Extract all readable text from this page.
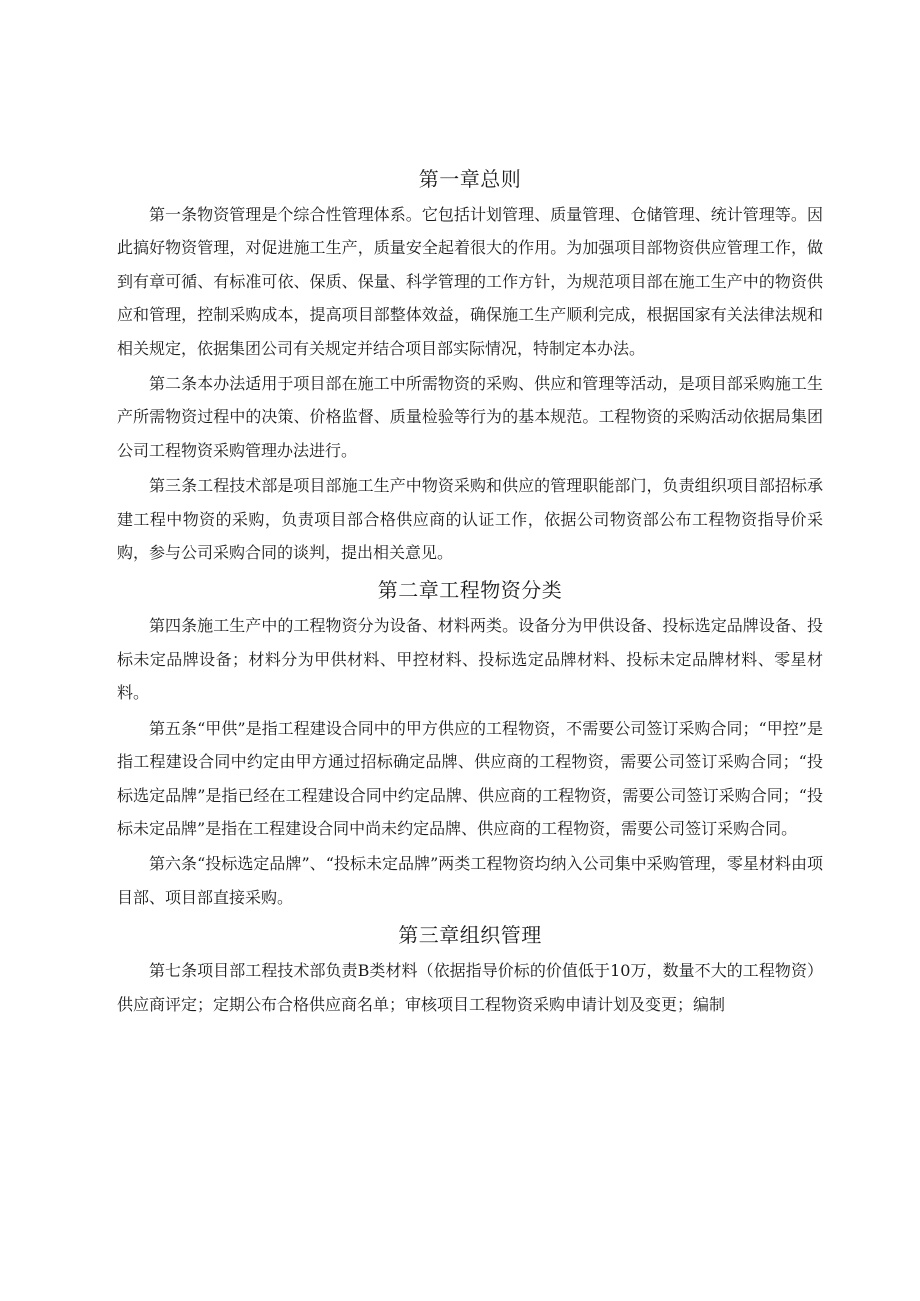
第一章总则

第一条物资管理是个综合性管理体系。它包括计划管理、质量管理、仓储管理、统计管理等。因此搞好物资管理，对促进施工生产，质量安全起着很大的作用。为加强项目部物资供应管理工作，做到有章可循、有标准可依、保质、保量、科学管理的工作方针，为规范项目部在施工生产中的物资供应和管理，控制采购成本，提高项目部整体效益，确保施工生产顺利完成，根据国家有关法律法规和相关规定，依据集团公司有关规定并结合项目部实际情况，特制定本办法。

第二条本办法适用于项目部在施工中所需物资的采购、供应和管理等活动，是项目部采购施工生产所需物资过程中的决策、价格监督、质量检验等行为的基本规范。工程物资的采购活动依据局集团公司工程物资采购管理办法进行。

第三条工程技术部是项目部施工生产中物资采购和供应的管理职能部门，负责组织项目部招标承建工程中物资的采购，负责项目部合格供应商的认证工作，依据公司物资部公布工程物资指导价采购，参与公司采购合同的谈判，提出相关意见。

第二章工程物资分类

第四条施工生产中的工程物资分为设备、材料两类。设备分为甲供设备、投标选定品牌设备、投标未定品牌设备；材料分为甲供材料、甲控材料、投标选定品牌材料、投标未定品牌材料、零星材料。

第五条“甲供”是指工程建设合同中的甲方供应的工程物资，不需要公司签订采购合同；“甲控”是指工程建设合同中约定由甲方通过招标确定品牌、供应商的工程物资，需要公司签订采购合同；“投标选定品牌”是指已经在工程建设合同中约定品牌、供应商的工程物资，需要公司签订采购合同；“投标未定品牌”是指在工程建设合同中尚未约定品牌、供应商的工程物资，需要公司签订采购合同。

第六条“投标选定品牌”、“投标未定品牌”两类工程物资均纳入公司集中采购管理，零星材料由项目部、项目部直接采购。

第三章组织管理

第七条项目部工程技术部负责B类材料（依据指导价标的价值低于10万，数量不大的工程物资）供应商评定；定期公布合格供应商名单；审核项目工程物资采购申请计划及变更；编制
